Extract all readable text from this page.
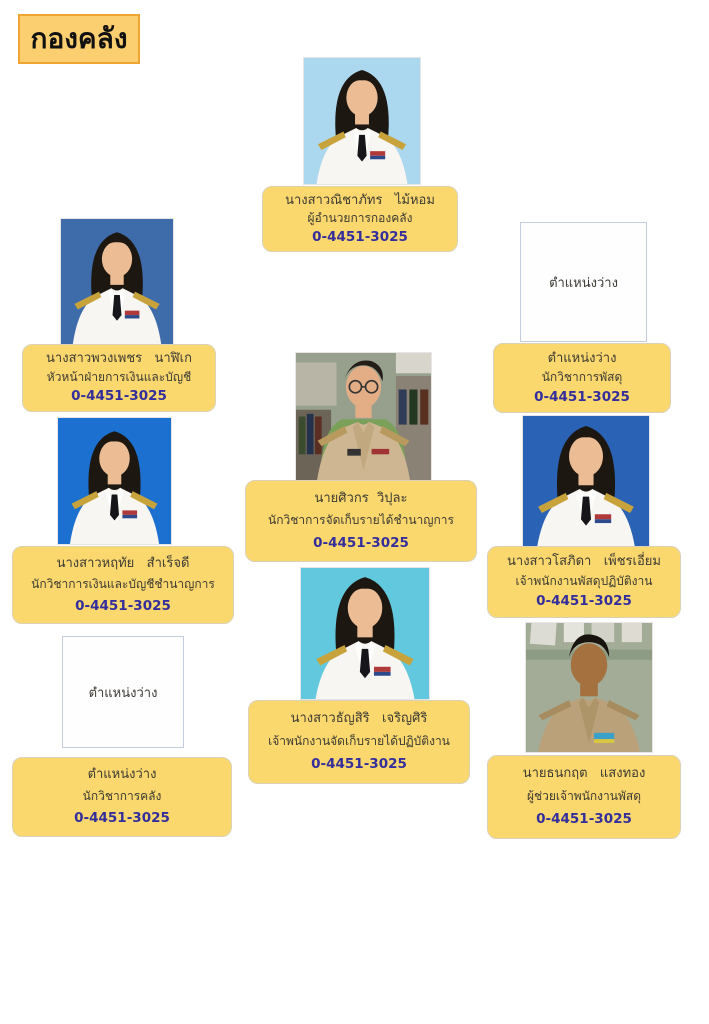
กองคลัง
นางสาวณิชาภัทร   ไม้หอม
ผู้อำนวยการกองคลัง
0-4451-3025
นางสาวพวงเพชร   นาฬิเก
หัวหน้าฝ่ายการเงินและบัญชี
0-4451-3025
นางสาวหฤทัย   สำเร็จดี
นักวิชาการเงินและบัญชีชำนาญการ
0-4451-3025
ตำแหน่งว่าง
ตำแหน่งว่าง
นักวิชาการคลัง
0-4451-3025
นายศิวกร  วิปุละ
นักวิชาการจัดเก็บรายได้ชำนาญการ
0-4451-3025
นางสาวธัญสิริ   เจริญศิริ
เจ้าพนักงานจัดเก็บรายได้ปฏิบัติงาน
0-4451-3025
ตำแหน่งว่าง
ตำแหน่งว่าง
นักวิชาการพัสดุ
0-4451-3025
นางสาวโสภิดา   เพ็ชรเอี่ยม
เจ้าพนักงานพัสดุปฏิบัติงาน
0-4451-3025
นายธนกฤต   แสงทอง
ผู้ช่วยเจ้าพนักงานพัสดุ
0-4451-3025
